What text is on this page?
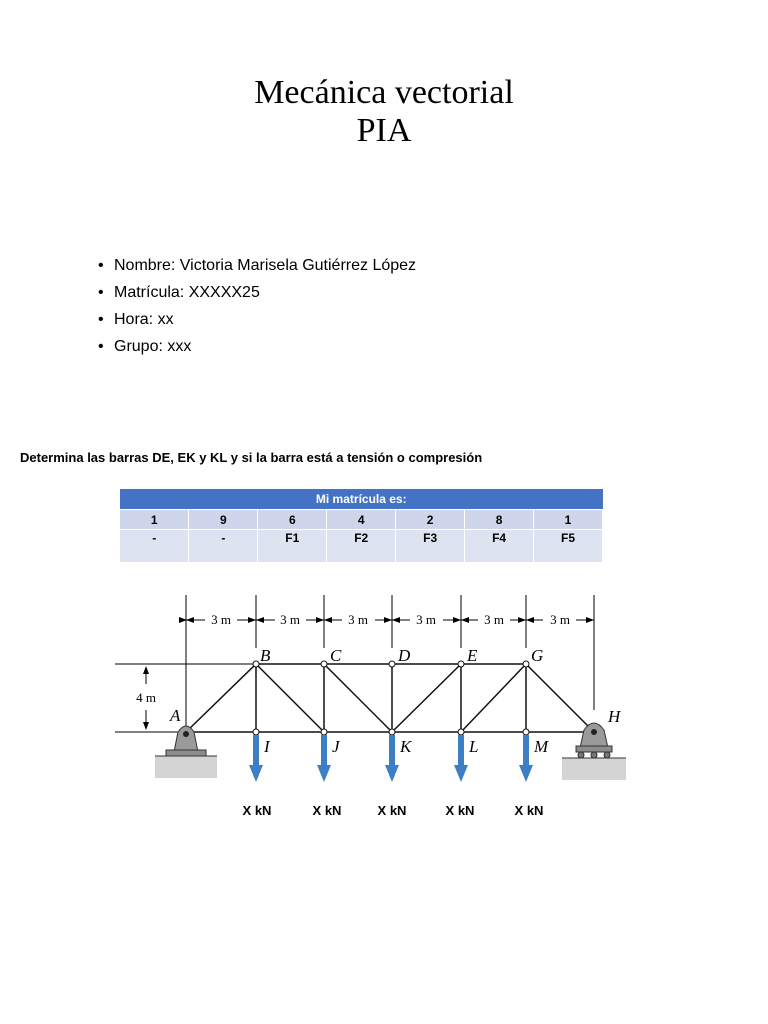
Mecánica vectorial
PIA
• Nombre: Victoria Marisela Gutiérrez López
• Matrícula: XXXXX25
• Hora: xx
• Grupo: xxx
Determina las barras DE, EK y KL y si la barra está a tensión o compresión
Mi matrícula es:						
1	9	6	4	2	8	1
-	-	F1	F2	F3	F4	F5
3 m	3 m	3 m	3 m	3 m	3 m
4 m
A
B	C	D	E	G
H
I	J	K	L	M
X kN	X kN	X kN	X kN	X kN
